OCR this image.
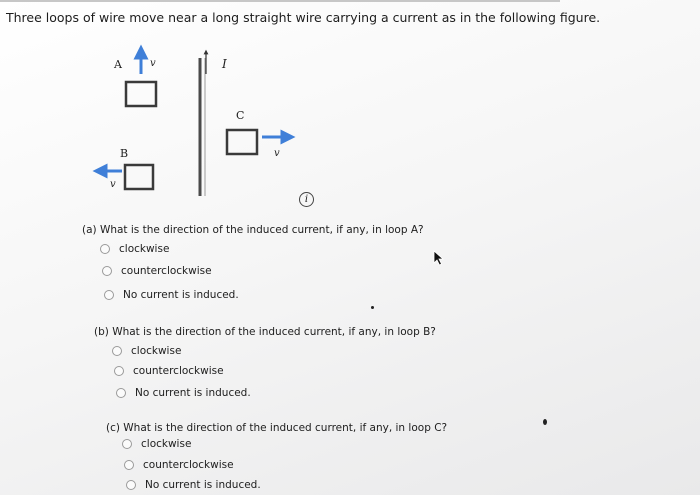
Three loops of wire move near a long straight wire carrying a current as in the following figure.
I
A	v
B
v
C
v
i
(a) What is the direction of the induced current, if any, in loop A?
clockwise
counterclockwise
No current is induced.
(b) What is the direction of the induced current, if any, in loop B?
clockwise
counterclockwise
No current is induced.
(c) What is the direction of the induced current, if any, in loop C?
clockwise
counterclockwise
No current is induced.
